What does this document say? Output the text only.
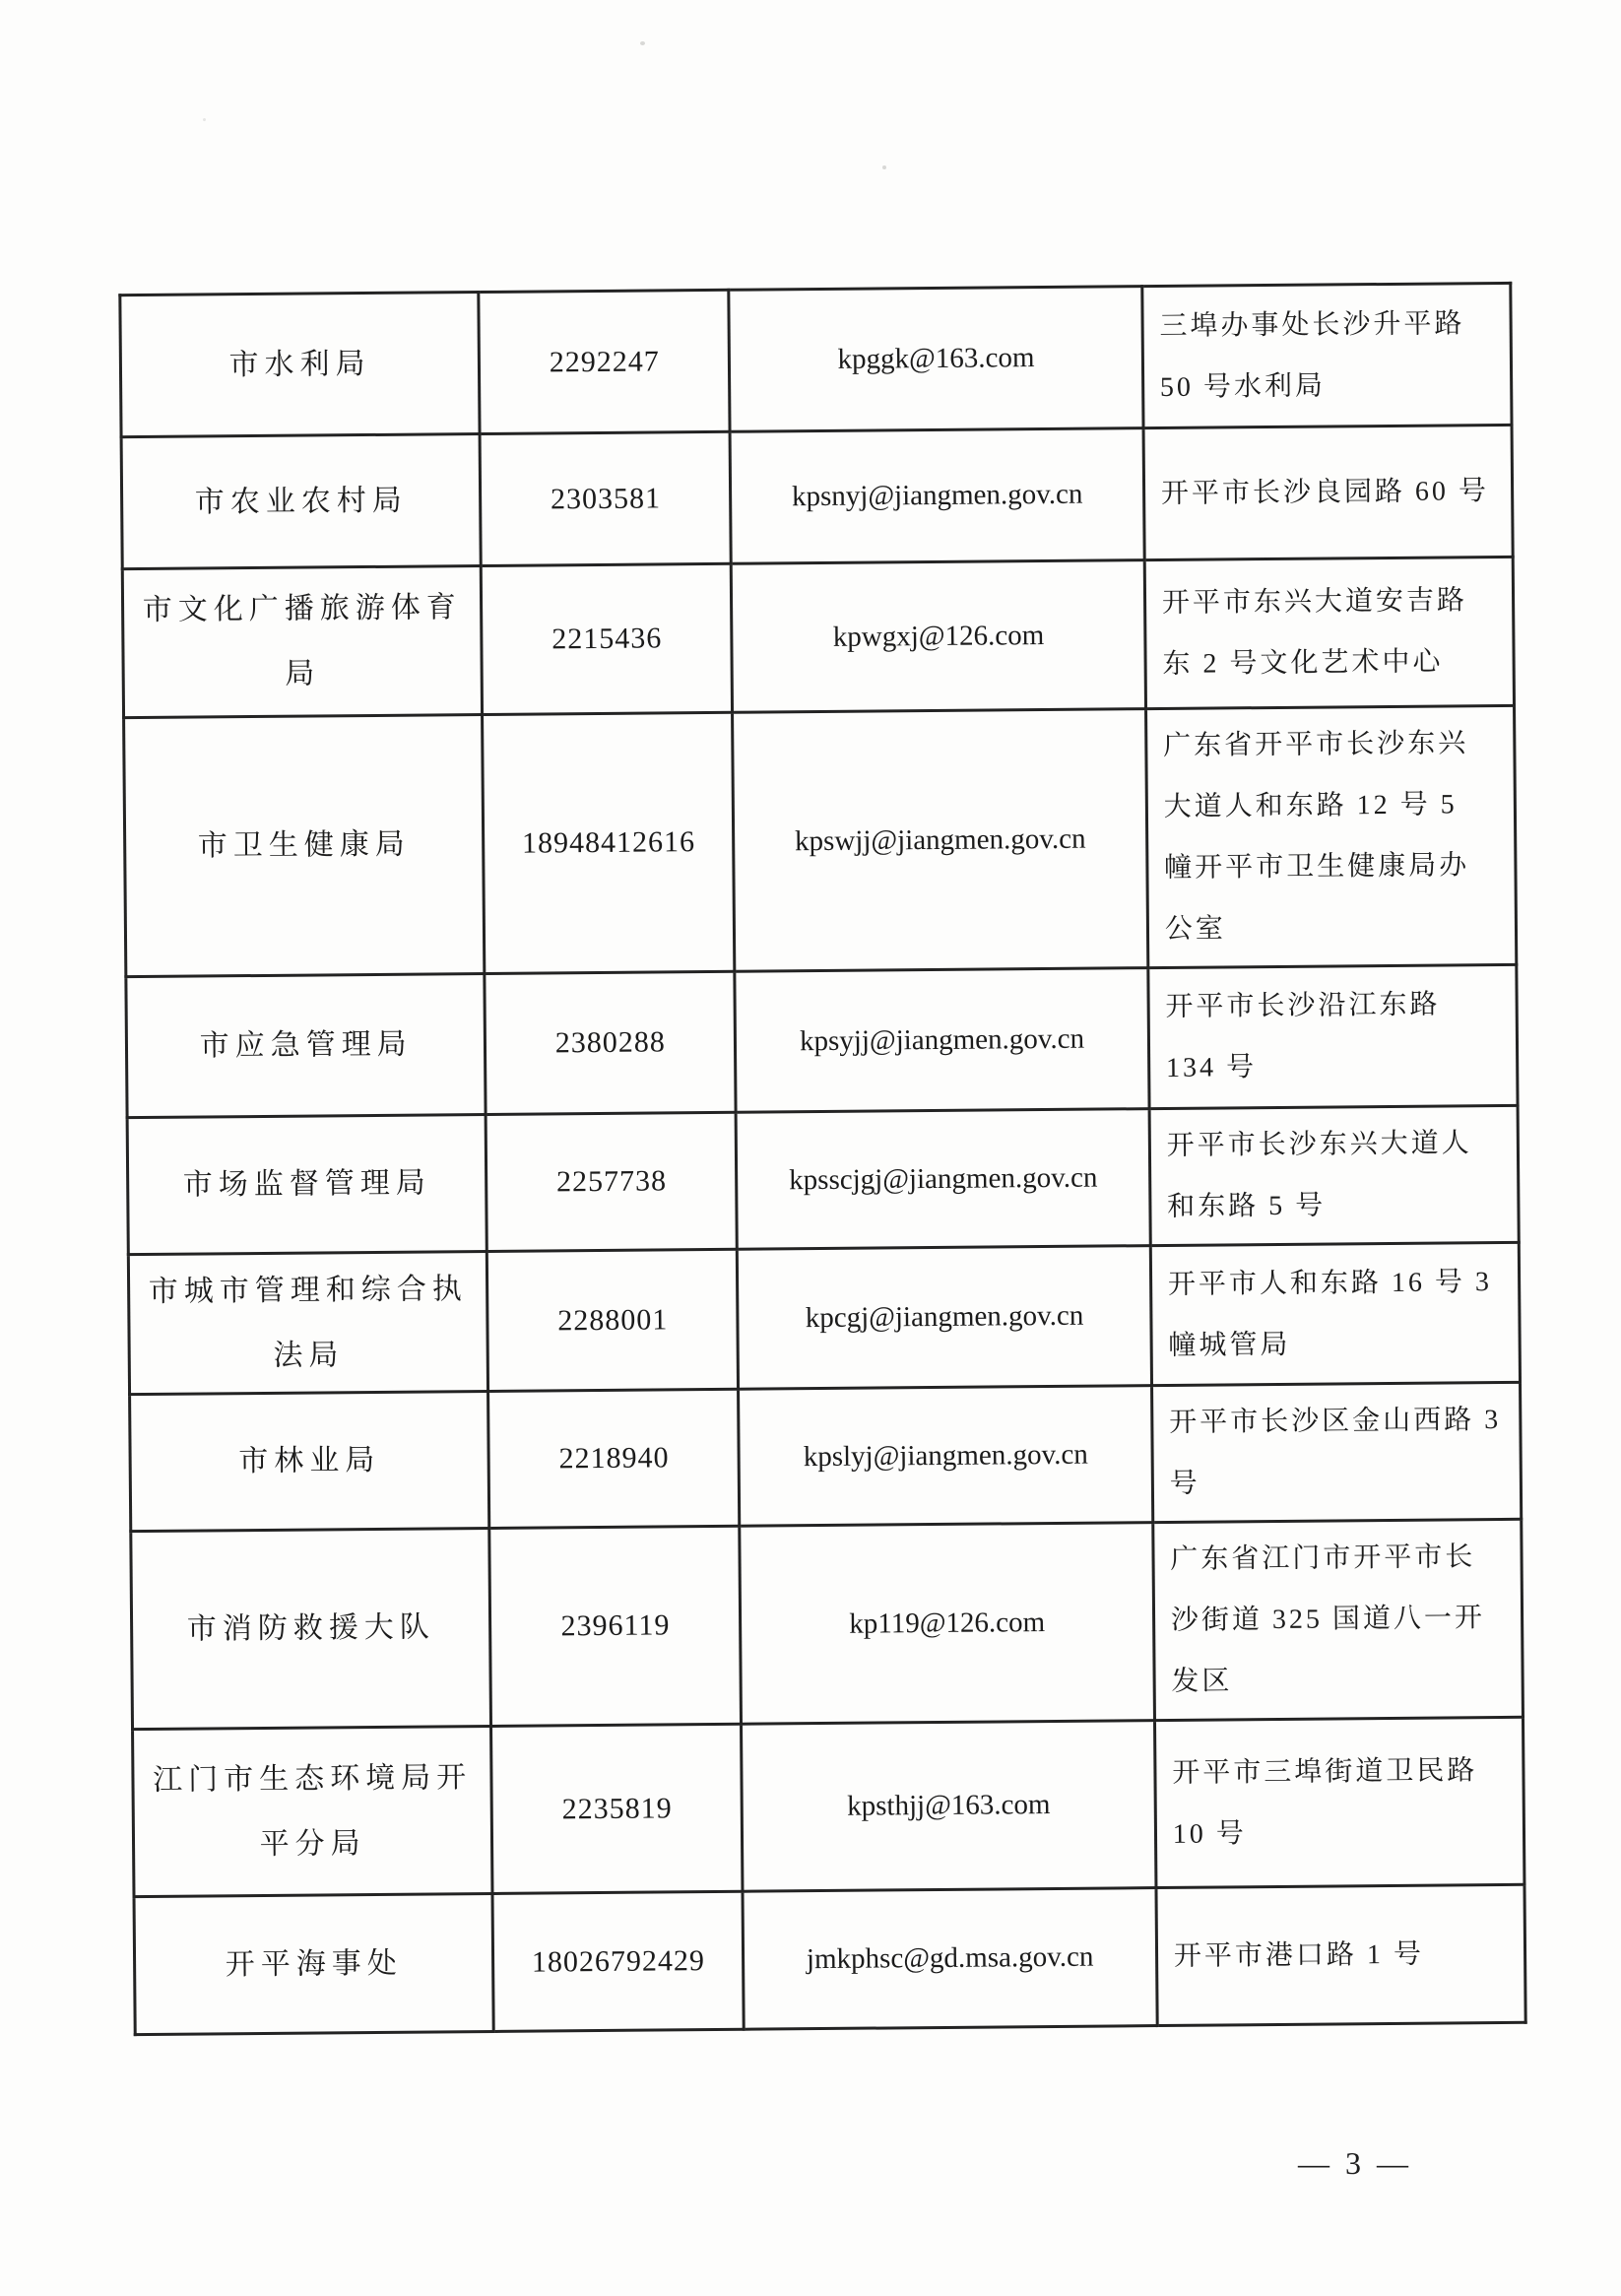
市水利局	2292247	kpggk@163.com	三埠办事处长沙升平路 50 号水利局
市农业农村局	2303581	kpsnyj@jiangmen.gov.cn	开平市长沙良园路 60 号
市文化广播旅游体育局	2215436	kpwgxj@126.com	开平市东兴大道安吉路东 2 号文化艺术中心
市卫生健康局	18948412616	kpswjj@jiangmen.gov.cn	广东省开平市长沙东兴大道人和东路 12 号 5 幢开平市卫生健康局办公室
市应急管理局	2380288	kpsyjj@jiangmen.gov.cn	开平市长沙沿江东路 134 号
市场监督管理局	2257738	kpsscjgj@jiangmen.gov.cn	开平市长沙东兴大道人和东路 5 号
市城市管理和综合执法局	2288001	kpcgj@jiangmen.gov.cn	开平市人和东路 16 号 3 幢城管局
市林业局	2218940	kpslyj@jiangmen.gov.cn	开平市长沙区金山西路 3 号
市消防救援大队	2396119	kp119@126.com	广东省江门市开平市长沙街道 325 国道八一开发区
江门市生态环境局开平分局	2235819	kpsthjj@163.com	开平市三埠街道卫民路 10 号
开平海事处	18026792429	jmkphsc@gd.msa.gov.cn	开平市港口路 1 号
— 3 —
